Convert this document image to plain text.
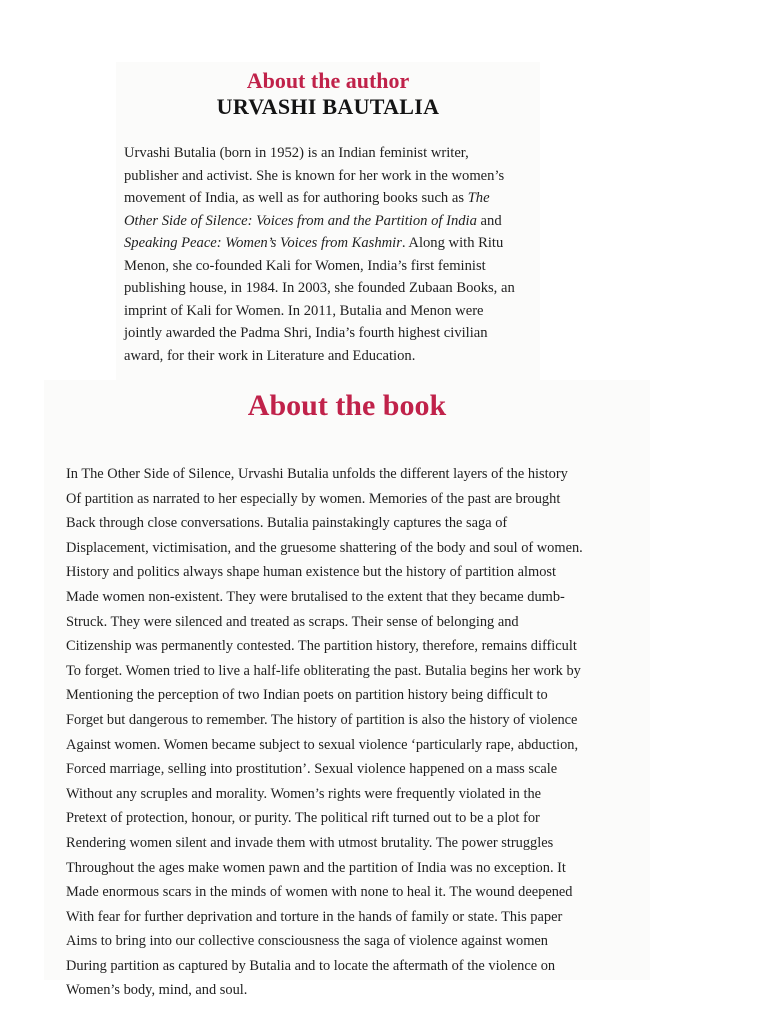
About the author
URVASHI BAUTALIA

Urvashi Butalia (born in 1952) is an Indian feminist writer, publisher and activist. She is known for her work in the women’s movement of India, as well as for authoring books such as The Other Side of Silence: Voices from and the Partition of India and Speaking Peace: Women’s Voices from Kashmir. Along with Ritu Menon, she co-founded Kali for Women, India’s first feminist publishing house, in 1984. In 2003, she founded Zubaan Books, an imprint of Kali for Women. In 2011, Butalia and Menon were jointly awarded the Padma Shri, India’s fourth highest civilian award, for their work in Literature and Education.

About the book

In The Other Side of Silence, Urvashi Butalia unfolds the different layers of the history
Of partition as narrated to her especially by women. Memories of the past are brought
Back through close conversations. Butalia painstakingly captures the saga of
Displacement, victimisation, and the gruesome shattering of the body and soul of women.
History and politics always shape human existence but the history of partition almost
Made women non-existent. They were brutalised to the extent that they became dumb-
Struck. They were silenced and treated as scraps. Their sense of belonging and
Citizenship was permanently contested. The partition history, therefore, remains difficult
To forget. Women tried to live a half-life obliterating the past. Butalia begins her work by
Mentioning the perception of two Indian poets on partition history being difficult to
Forget but dangerous to remember. The history of partition is also the history of violence
Against women. Women became subject to sexual violence ‘particularly rape, abduction,
Forced marriage, selling into prostitution’. Sexual violence happened on a mass scale
Without any scruples and morality. Women’s rights were frequently violated in the
Pretext of protection, honour, or purity. The political rift turned out to be a plot for
Rendering women silent and invade them with utmost brutality. The power struggles
Throughout the ages make women pawn and the partition of India was no exception. It
Made enormous scars in the minds of women with none to heal it. The wound deepened
With fear for further deprivation and torture in the hands of family or state. This paper
Aims to bring into our collective consciousness the saga of violence against women
During partition as captured by Butalia and to locate the aftermath of the violence on
Women’s body, mind, and soul.
